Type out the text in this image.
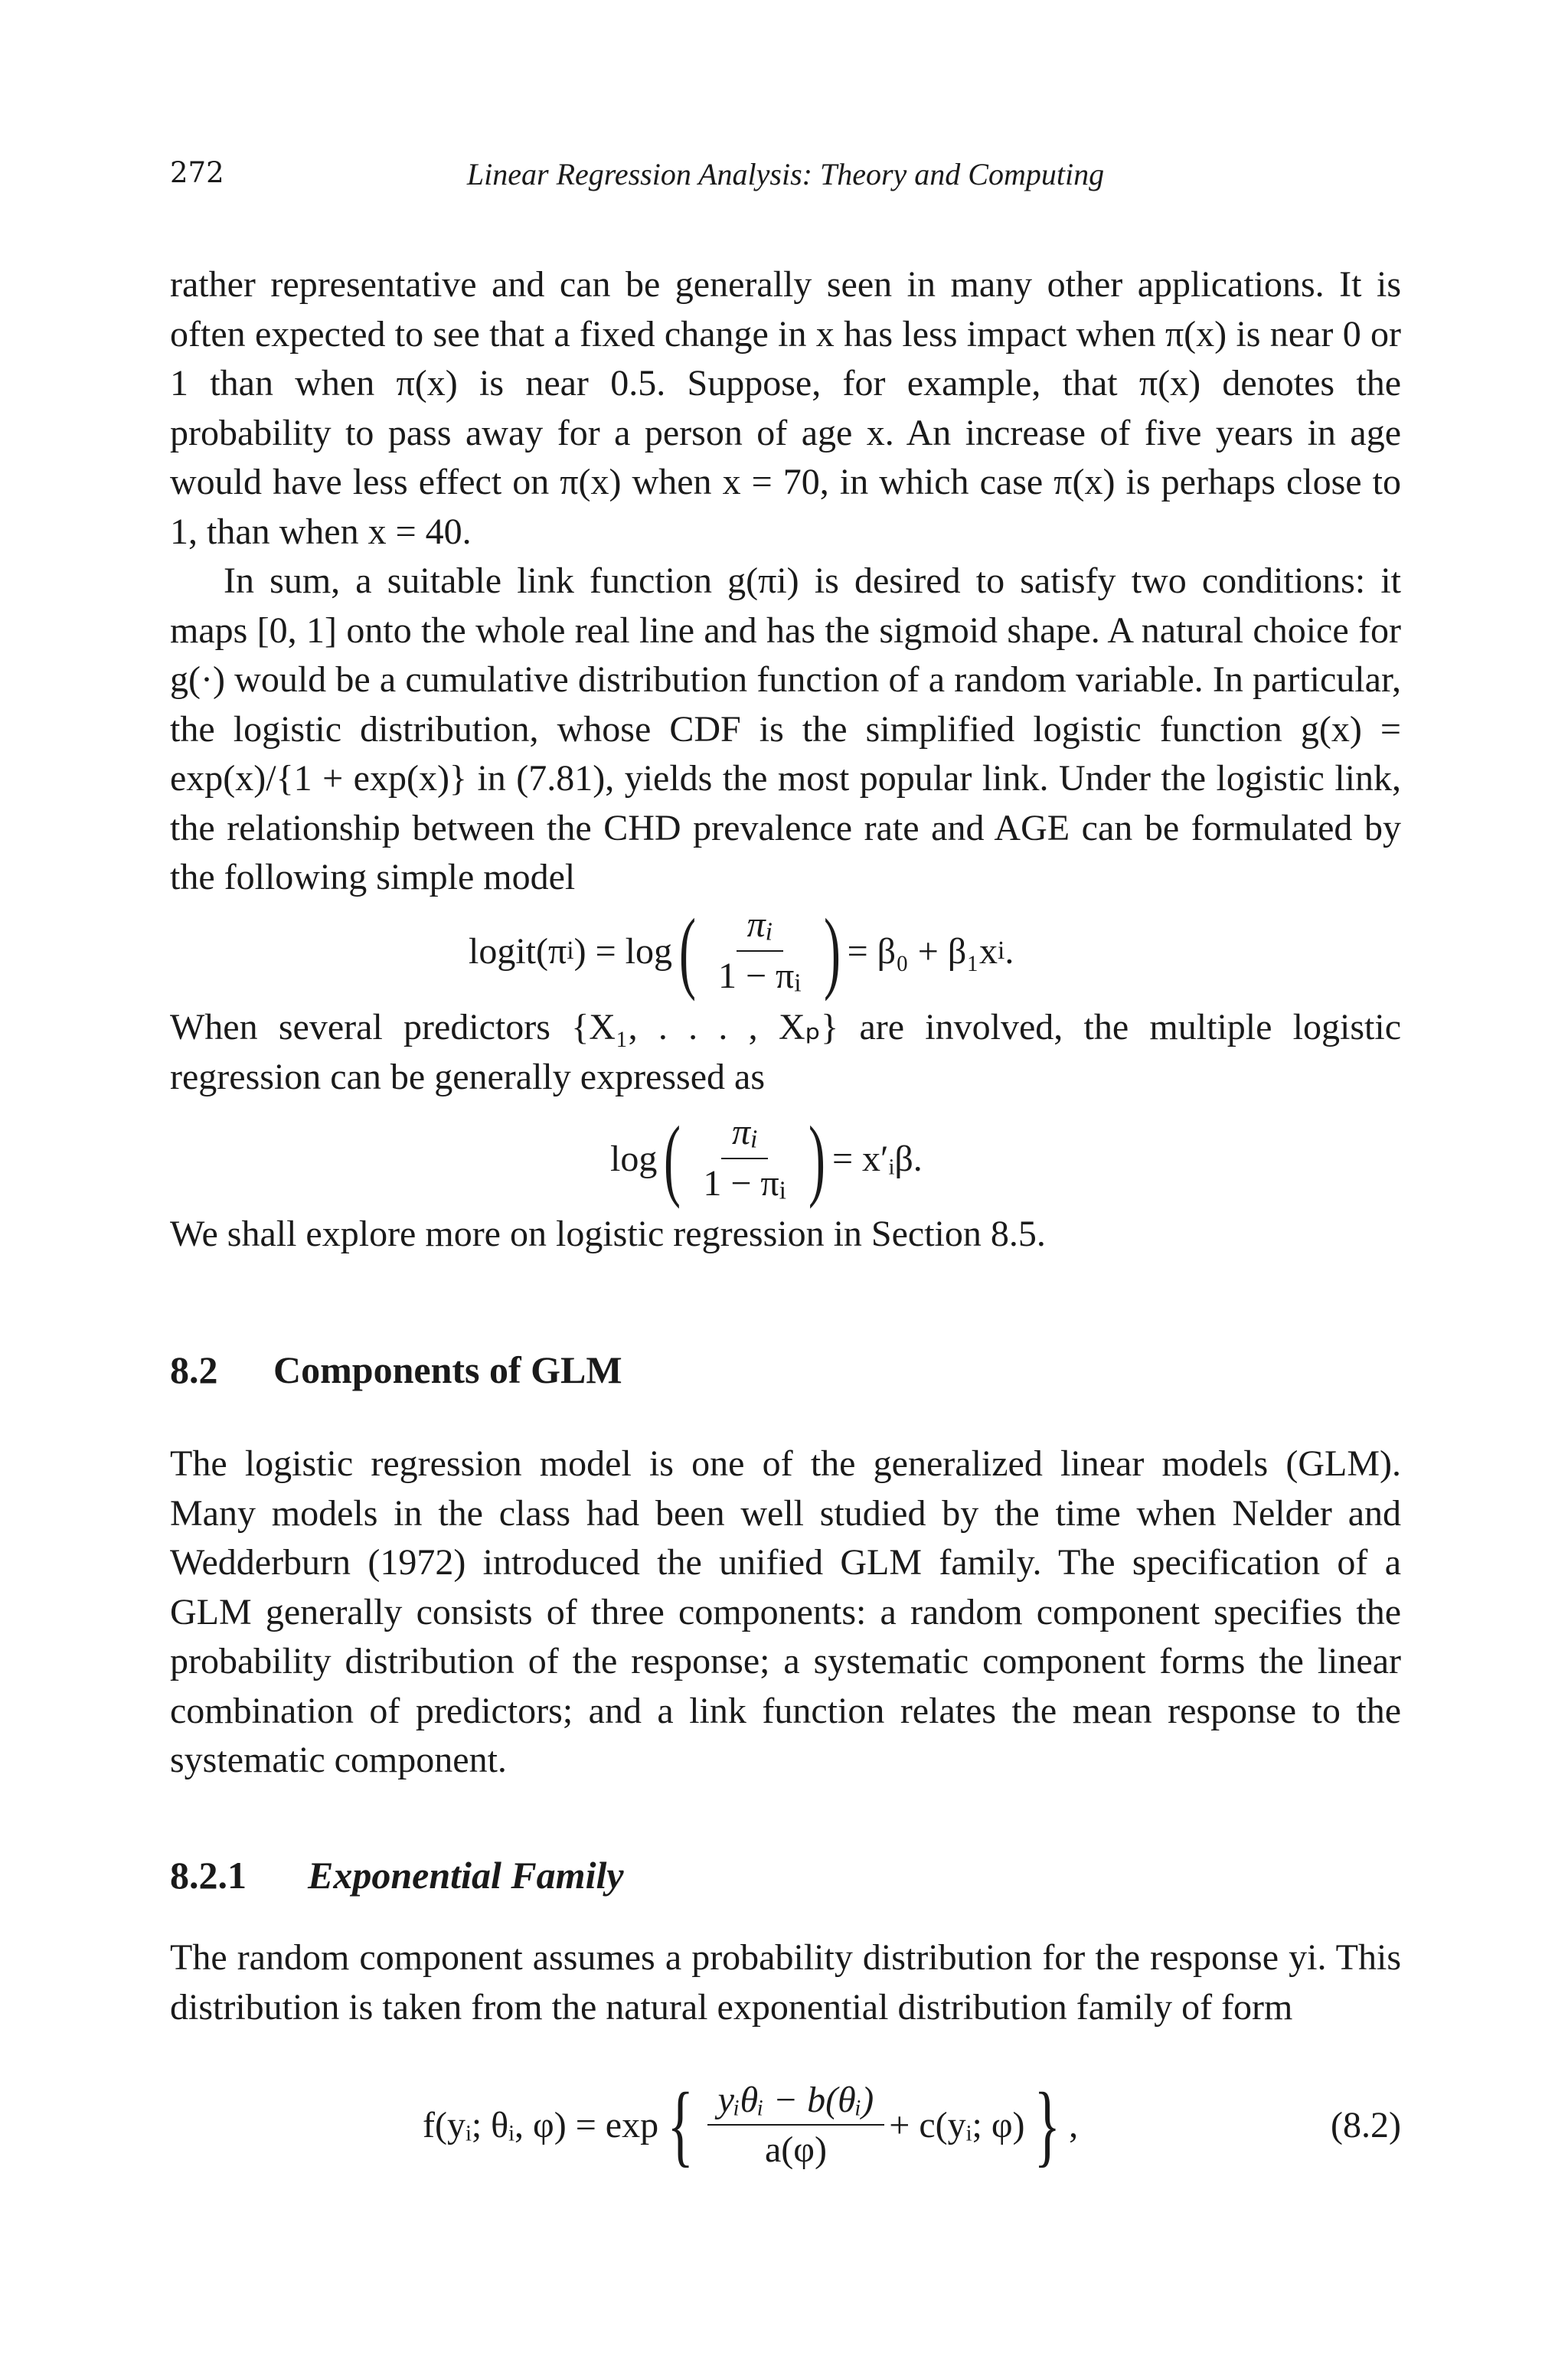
272	Linear Regression Analysis: Theory and Computing

rather representative and can be generally seen in many other applications. It is often expected to see that a fixed change in x has less impact when π(x) is near 0 or 1 than when π(x) is near 0.5. Suppose, for example, that π(x) denotes the probability to pass away for a person of age x. An increase of five years in age would have less effect on π(x) when x = 70, in which case π(x) is perhaps close to 1, than when x = 40.

In sum, a suitable link function g(πi) is desired to satisfy two conditions: it maps [0, 1] onto the whole real line and has the sigmoid shape. A natural choice for g(·) would be a cumulative distribution function of a random variable. In particular, the logistic distribution, whose CDF is the simplified logistic function g(x) = exp(x)/{1 + exp(x)} in (7.81), yields the most popular link. Under the logistic link, the relationship between the CHD prevalence rate and AGE can be formulated by the following simple model

logit(π i ) = log ( $\frac{\pi_i}{1 - \pi_i}$ ) = β₀ + β₁x i .

When several predictors {X₁, . . . , Xₚ} are involved, the multiple logistic regression can be generally expressed as

log ( $\frac{\pi_i}{1 - \pi_i}$ ) = x′ᵢβ.

We shall explore more on logistic regression in Section 8.5.

8.2 Components of GLM

The logistic regression model is one of the generalized linear models (GLM). Many models in the class had been well studied by the time when Nelder and Wedderburn (1972) introduced the unified GLM family. The specification of a GLM generally consists of three components: a random component specifies the probability distribution of the response; a systematic component forms the linear combination of predictors; and a link function relates the mean response to the systematic component.

8.2.1 Exponential Family

The random component assumes a probability distribution for the response yi. This distribution is taken from the natural exponential distribution family of form

f(yᵢ; θᵢ, φ) = exp { $\frac{\text{yᵢθᵢ − b(θᵢ)}}{a(\varphi)}$ + c(yᵢ; φ) } ,	(8.2)
